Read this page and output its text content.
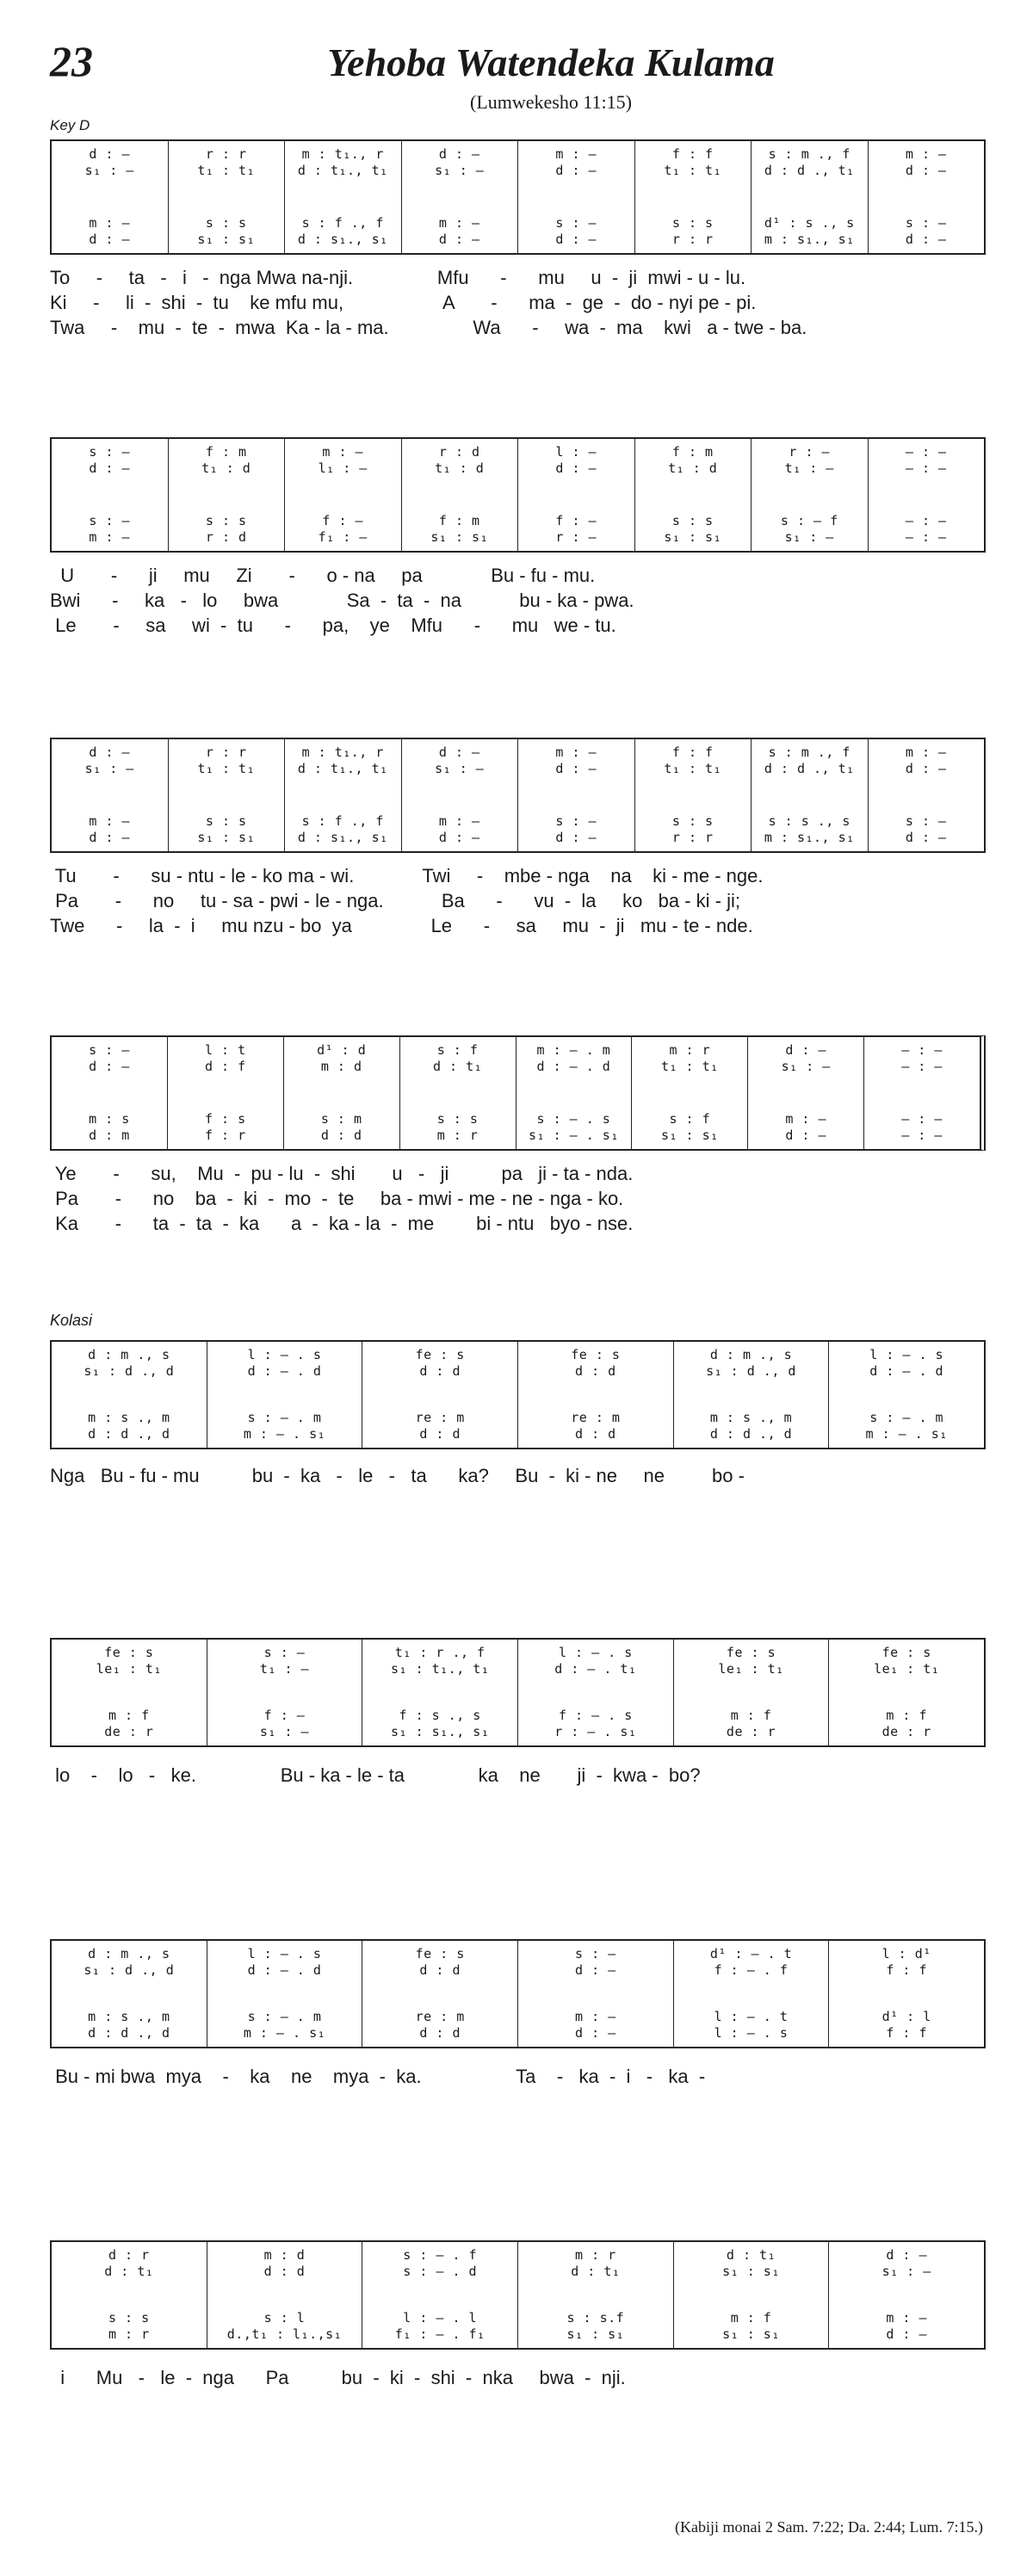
23	Yehoba Watendeka Kulama
(Lumwekesho 11:15)
Key D
Kolasi
(Kabiji monai 2 Sam. 7:22; Da. 2:44; Lum. 7:15.)
d : —
s₁ : —
m : —
d : —
r : r
t₁ : t₁
s : s
s₁ : s₁
m : t₁., r
d : t₁., t₁
s : f ., f
d : s₁., s₁
d : —
s₁ : —
m : —
d : —
m : —
d : —
s : —
d : —
f : f
t₁ : t₁
s : s
r : r
s : m ., f
d : d ., t₁
d¹ : s ., s
m : s₁., s₁
m : —
d : —
s : —
d : —
To     -     ta   -   i   -  nga Mwa na-nji.                Mfu      -      mu     u  -  ji  mwi - u - lu.
Ki     -     li  -  shi  -  tu    ke mfu mu,                   A       -      ma  -  ge  -  do - nyi pe - pi.
Twa     -    mu  -  te  -  mwa  Ka - la - ma.                Wa      -     wa  -  ma    kwi   a - twe - ba.
s : —
d : —
s : —
m : —
f : m
t₁ : d
s : s
r : d
m : —
l₁ : —
f : —
f₁ : —
r : d
t₁ : d
f : m
s₁ : s₁
l : —
d : —
f : —
r : —
f : m
t₁ : d
s : s
s₁ : s₁
r : —
t₁ : —
s : — f
s₁ : —
— : —
— : —
— : —
— : —
U       -      ji     mu     Zi       -      o - na     pa             Bu - fu - mu.
Bwi      -     ka   -   lo     bwa             Sa  -  ta  -  na           bu - ka - pwa.
Le       -     sa     wi  -  tu      -      pa,    ye    Mfu      -      mu   we - tu.
d : —
s₁ : —
m : —
d : —
r : r
t₁ : t₁
s : s
s₁ : s₁
m : t₁., r
d : t₁., t₁
s : f ., f
d : s₁., s₁
d : —
s₁ : —
m : —
d : —
m : —
d : —
s : —
d : —
f : f
t₁ : t₁
s : s
r : r
s : m ., f
d : d ., t₁
s : s ., s
m : s₁., s₁
m : —
d : —
s : —
d : —
Tu       -      su - ntu - le - ko ma - wi.             Twi     -    mbe - nga    na    ki - me - nge.
Pa       -      no     tu - sa - pwi - le - nga.           Ba      -      vu  -  la     ko   ba - ki - ji;
Twe      -     la  -  i     mu nzu - bo  ya               Le      -     sa     mu  -  ji   mu - te - nde.
s : —
d : —
m : s
d : m
l : t
d : f
f : s
f : r
d¹ : d
m : d
s : m
d : d
s : f
d : t₁
s : s
m : r
m : — . m
d : — . d
s : — . s
s₁ : — . s₁
m : r
t₁ : t₁
s : f
s₁ : s₁
d : —
s₁ : —
m : —
d : —
— : —
— : —
— : —
— : —
Ye       -      su,    Mu  -  pu - lu  -  shi       u   -   ji          pa   ji - ta - nda.
Pa       -      no    ba  -  ki  -  mo  -  te     ba - mwi - me - ne - nga - ko.
Ka       -      ta  -  ta  -  ka      a  -  ka - la  -  me        bi - ntu   byo - nse.
d : m ., s
s₁ : d ., d
m : s ., m
d : d ., d
l : — . s
d : — . d
s : — . m
m : — . s₁
fe : s
d : d
re : m
d : d
fe : s
d : d
re : m
d : d
d : m ., s
s₁ : d ., d
m : s ., m
d : d ., d
l : — . s
d : — . d
s : — . m
m : — . s₁
Nga   Bu - fu - mu          bu  -  ka   -   le   -   ta      ka?     Bu  -  ki - ne     ne         bo -
fe : s
le₁ : t₁
m : f
de : r
s : —
t₁ : —
f : —
s₁ : —
t₁ : r ., f
s₁ : t₁., t₁
f : s ., s
s₁ : s₁., s₁
l : — . s
d : — . t₁
f : — . s
r : — . s₁
fe : s
le₁ : t₁
m : f
de : r
fe : s
le₁ : t₁
m : f
de : r
lo    -    lo   -   ke.                Bu - ka - le - ta              ka    ne       ji  -  kwa -  bo?
d : m ., s
s₁ : d ., d
m : s ., m
d : d ., d
l : — . s
d : — . d
s : — . m
m : — . s₁
fe : s
d : d
re : m
d : d
s : —
d : —
m : —
d : —
d¹ : — . t
f : — . f
l : — . t
l : — . s
l : d¹
f : f
d¹ : l
f : f
Bu - mi bwa  mya    -    ka    ne    mya  -  ka.                  Ta    -   ka  -  i   -   ka  -
d : r
d : t₁
s : s
m : r
m : d
d : d
s : l
d.,t₁ : l₁.,s₁
s : — . f
s : — . d
l : — . l
f₁ : — . f₁
m : r
d : t₁
s : s.f
s₁ : s₁
d : t₁
s₁ : s₁
m : f
s₁ : s₁
d : —
s₁ : —
m : —
d : —
i      Mu   -   le  -  nga      Pa          bu  -  ki  -  shi  -  nka     bwa  -  nji.
